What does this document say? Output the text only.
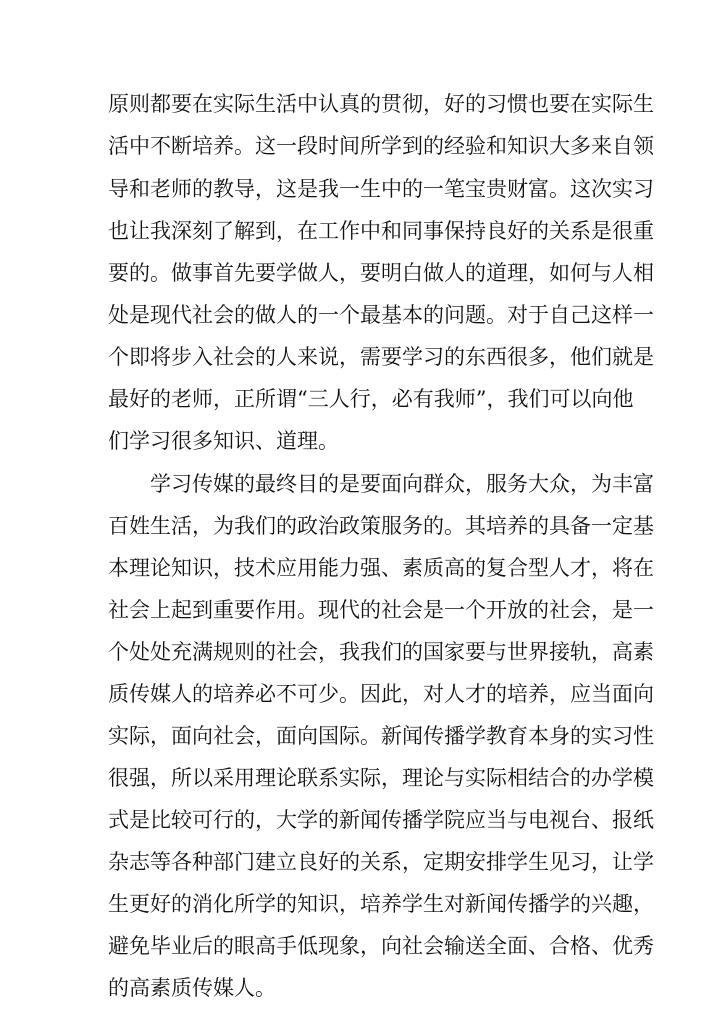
原则都要在实际生活中认真的贯彻，好的习惯也要在实际生
活中不断培养。这一段时间所学到的经验和知识大多来自领
导和老师的教导，这是我一生中的一笔宝贵财富。这次实习
也让我深刻了解到，在工作中和同事保持良好的关系是很重
要的。做事首先要学做人，要明白做人的道理，如何与人相
处是现代社会的做人的一个最基本的问题。对于自己这样一
个即将步入社会的人来说，需要学习的东西很多，他们就是
最好的老师，正所谓“三人行，必有我师”，我们可以向他
们学习很多知识、道理。
学习传媒的最终目的是要面向群众，服务大众，为丰富
百姓生活，为我们的政治政策服务的。其培养的具备一定基
本理论知识，技术应用能力强、素质高的复合型人才，将在
社会上起到重要作用。现代的社会是一个开放的社会，是一
个处处充满规则的社会，我我们的国家要与世界接轨，高素
质传媒人的培养必不可少。因此，对人才的培养，应当面向
实际，面向社会，面向国际。新闻传播学教育本身的实习性
很强，所以采用理论联系实际，理论与实际相结合的办学模
式是比较可行的，大学的新闻传播学院应当与电视台、报纸
杂志等各种部门建立良好的关系，定期安排学生见习，让学
生更好的消化所学的知识，培养学生对新闻传播学的兴趣，
避免毕业后的眼高手低现象，向社会输送全面、合格、优秀
的高素质传媒人。
